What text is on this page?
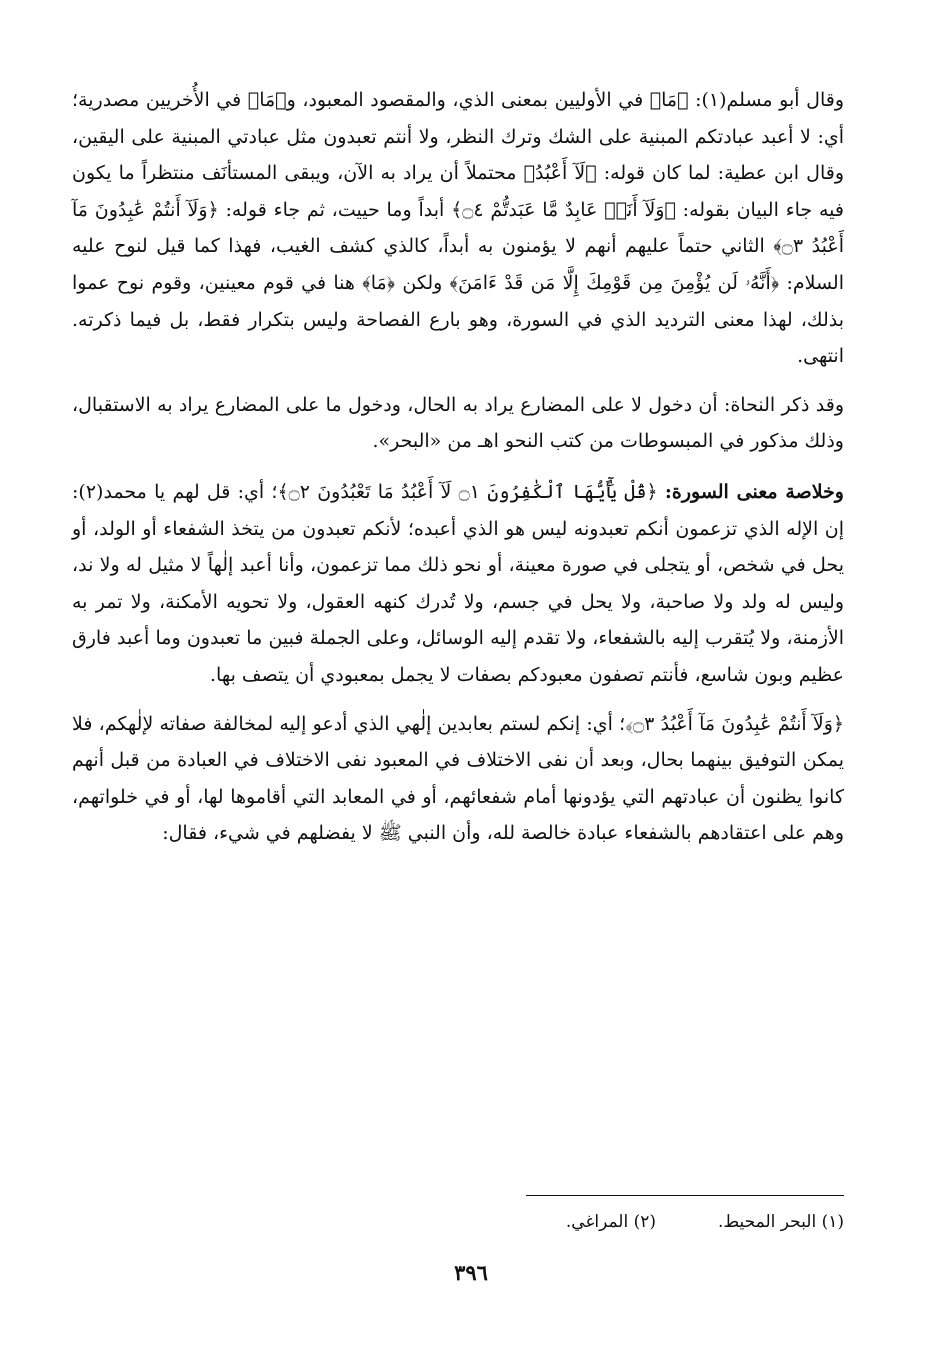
وقال أبو مسلم(١): ﴿مَا﴾ في الأوليين بمعنى الذي، والمقصود المعبود، و﴿مَا﴾ في الأُخريين مصدرية؛ أي: لا أعبد عبادتكم المبنية على الشك وترك النظر، ولا أنتم تعبدون مثل عبادتي المبنية على اليقين، وقال ابن عطية: لما كان قوله: ﴿لَآ أَعْبُدُ﴾ محتملاً أن يراد به الآن، ويبقى المستأنَف منتظراً ما يكون فيه جاء البيان بقوله: ﴿وَلَآ أَنَا۠ عَابِدٌ مَّا عَبَدتُّمْ ۝٤﴾ أبداً وما حييت، ثم جاء قوله: ﴿وَلَآ أَنتُمْ عَٰبِدُونَ مَآ أَعْبُدُ ۝٣﴾ الثاني حتماً عليهم أنهم لا يؤمنون به أبداً، كالذي كشف الغيب، فهذا كما قيل لنوح عليه السلام: ﴿أَنَّهُۥ لَن يُؤْمِنَ مِن قَوْمِكَ إِلَّا مَن قَدْ ءَامَنَ﴾ ولكن ﴿مَا﴾ هنا في قوم معينين، وقوم نوح عموا بذلك، لهذا معنى الترديد الذي في السورة، وهو بارع الفصاحة وليس بتكرار فقط، بل فيما ذكرته. انتهى.

وقد ذكر النحاة: أن دخول لا على المضارع يراد به الحال، ودخول ما على المضارع يراد به الاستقبال، وذلك مذكور في المبسوطات من كتب النحو اهـ من «البحر».

وخلاصة معنى السورة: ﴿قُلْ يَٰٓأَيُّهَا ٱلْكَٰفِرُونَ ۝١ لَآ أَعْبُدُ مَا تَعْبُدُونَ ۝٢﴾؛ أي: قل لهم يا محمد(٢): إن الإله الذي تزعمون أنكم تعبدونه ليس هو الذي أعبده؛ لأنكم تعبدون من يتخذ الشفعاء أو الولد، أو يحل في شخص، أو يتجلى في صورة معينة، أو نحو ذلك مما تزعمون، وأنا أعبد إلٰهاً لا مثيل له ولا ند، وليس له ولد ولا صاحبة، ولا يحل في جسم، ولا تُدرك كنهه العقول، ولا تحويه الأمكنة، ولا تمر به الأزمنة، ولا يُتقرب إليه بالشفعاء، ولا تقدم إليه الوسائل، وعلى الجملة فبين ما تعبدون وما أعبد فارق عظيم وبون شاسع، فأنتم تصفون معبودكم بصفات لا يجمل بمعبودي أن يتصف بها.

﴿وَلَآ أَنتُمْ عَٰبِدُونَ مَآ أَعْبُدُ ۝٣﴾؛ أي: إنكم لستم بعابدين إلٰهي الذي أدعو إليه لمخالفة صفاته لإلٰهكم، فلا يمكن التوفيق بينهما بحال، وبعد أن نفى الاختلاف في المعبود نفى الاختلاف في العبادة من قبل أنهم كانوا يظنون أن عبادتهم التي يؤدونها أمام شفعائهم، أو في المعابد التي أقاموها لها، أو في خلواتهم، وهم على اعتقادهم بالشفعاء عبادة خالصة لله، وأن النبي ﷺ لا يفضلهم في شيء، فقال:

(١) البحر المحيط.
(٢) المراغي.
٣٩٦
